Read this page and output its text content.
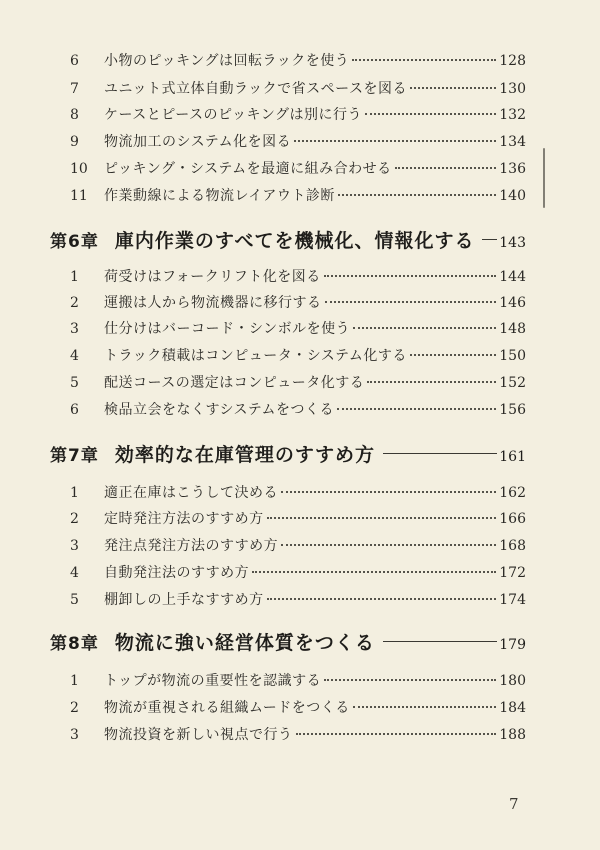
6	小物のピッキングは回転ラックを使う	128
7	ユニット式立体自動ラックで省スペースを図る	130
8	ケースとピースのピッキングは別に行う	132
9	物流加工のシステム化を図る	134
10	ピッキング・システムを最適に組み合わせる	136
11	作業動線による物流レイアウト診断	140
第6章 庫内作業のすべてを機械化、情報化する 143
1	荷受けはフォークリフト化を図る	144
2	運搬は人から物流機器に移行する	146
3	仕分けはバーコード・シンボルを使う	148
4	トラック積載はコンピュータ・システム化する	150
5	配送コースの選定はコンピュータ化する	152
6	検品立会をなくすシステムをつくる	156
第7章 効率的な在庫管理のすすめ方	161
1	適正在庫はこうして決める	162
2	定時発注方法のすすめ方	166
3	発注点発注方法のすすめ方	168
4	自動発注法のすすめ方	172
5	棚卸しの上手なすすめ方	174
第8章 物流に強い経営体質をつくる	179
1	トップが物流の重要性を認識する	180
2	物流が重視される組織ムードをつくる	184
3	物流投資を新しい視点で行う	188
7
